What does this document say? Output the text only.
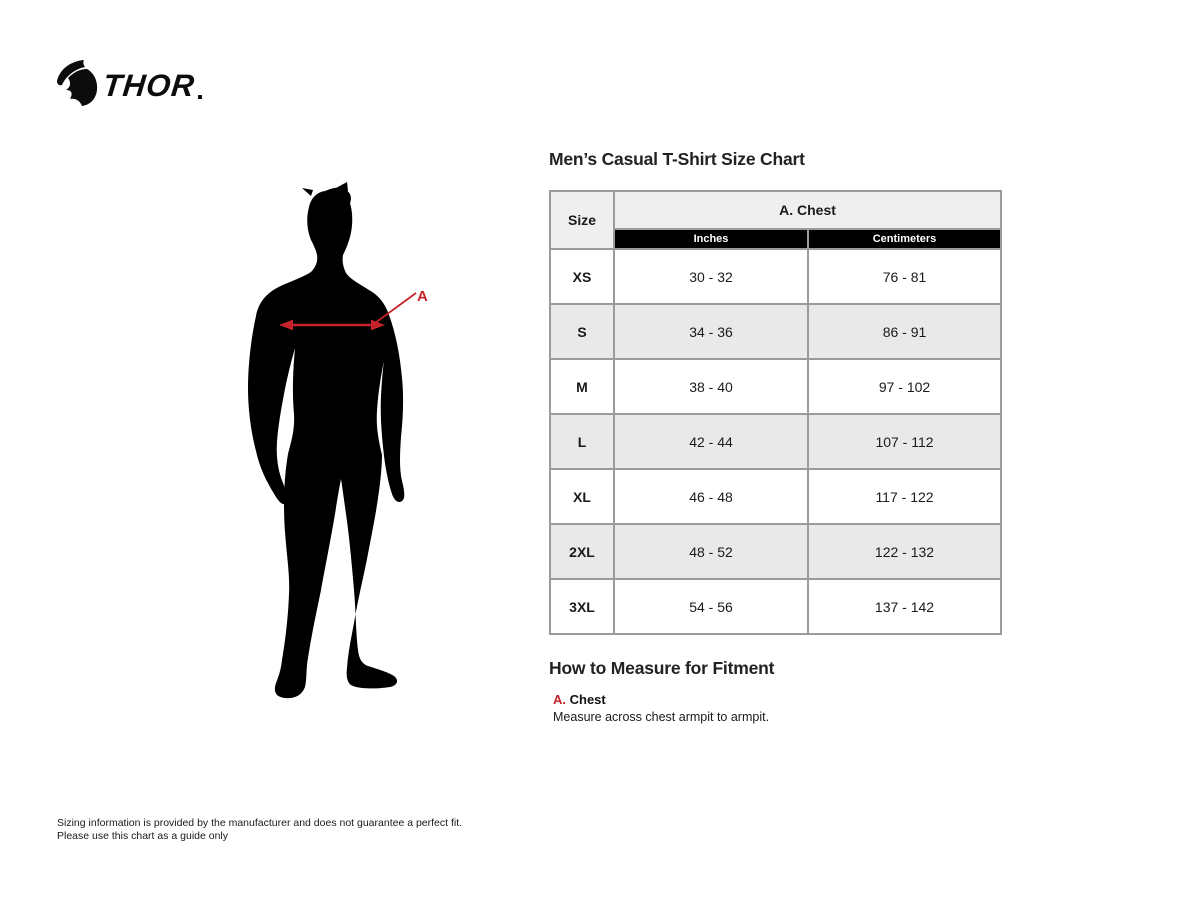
THOR
A
Men’s Casual T-Shirt Size Chart
Size	A. Chest	
	Inches	Centimeters
XS	30 - 32	76 - 81
S	34 - 36	86 - 91
M	38 - 40	97 - 102
L	42 - 44	107 - 112
XL	46 - 48	117 - 122
2XL	48 - 52	122 - 132
3XL	54 - 56	137 - 142
How to Measure for Fitment
A. Chest
Measure across chest armpit to armpit.
Sizing information is provided by the manufacturer and does not guarantee a perfect fit.
Please use this chart as a guide only
